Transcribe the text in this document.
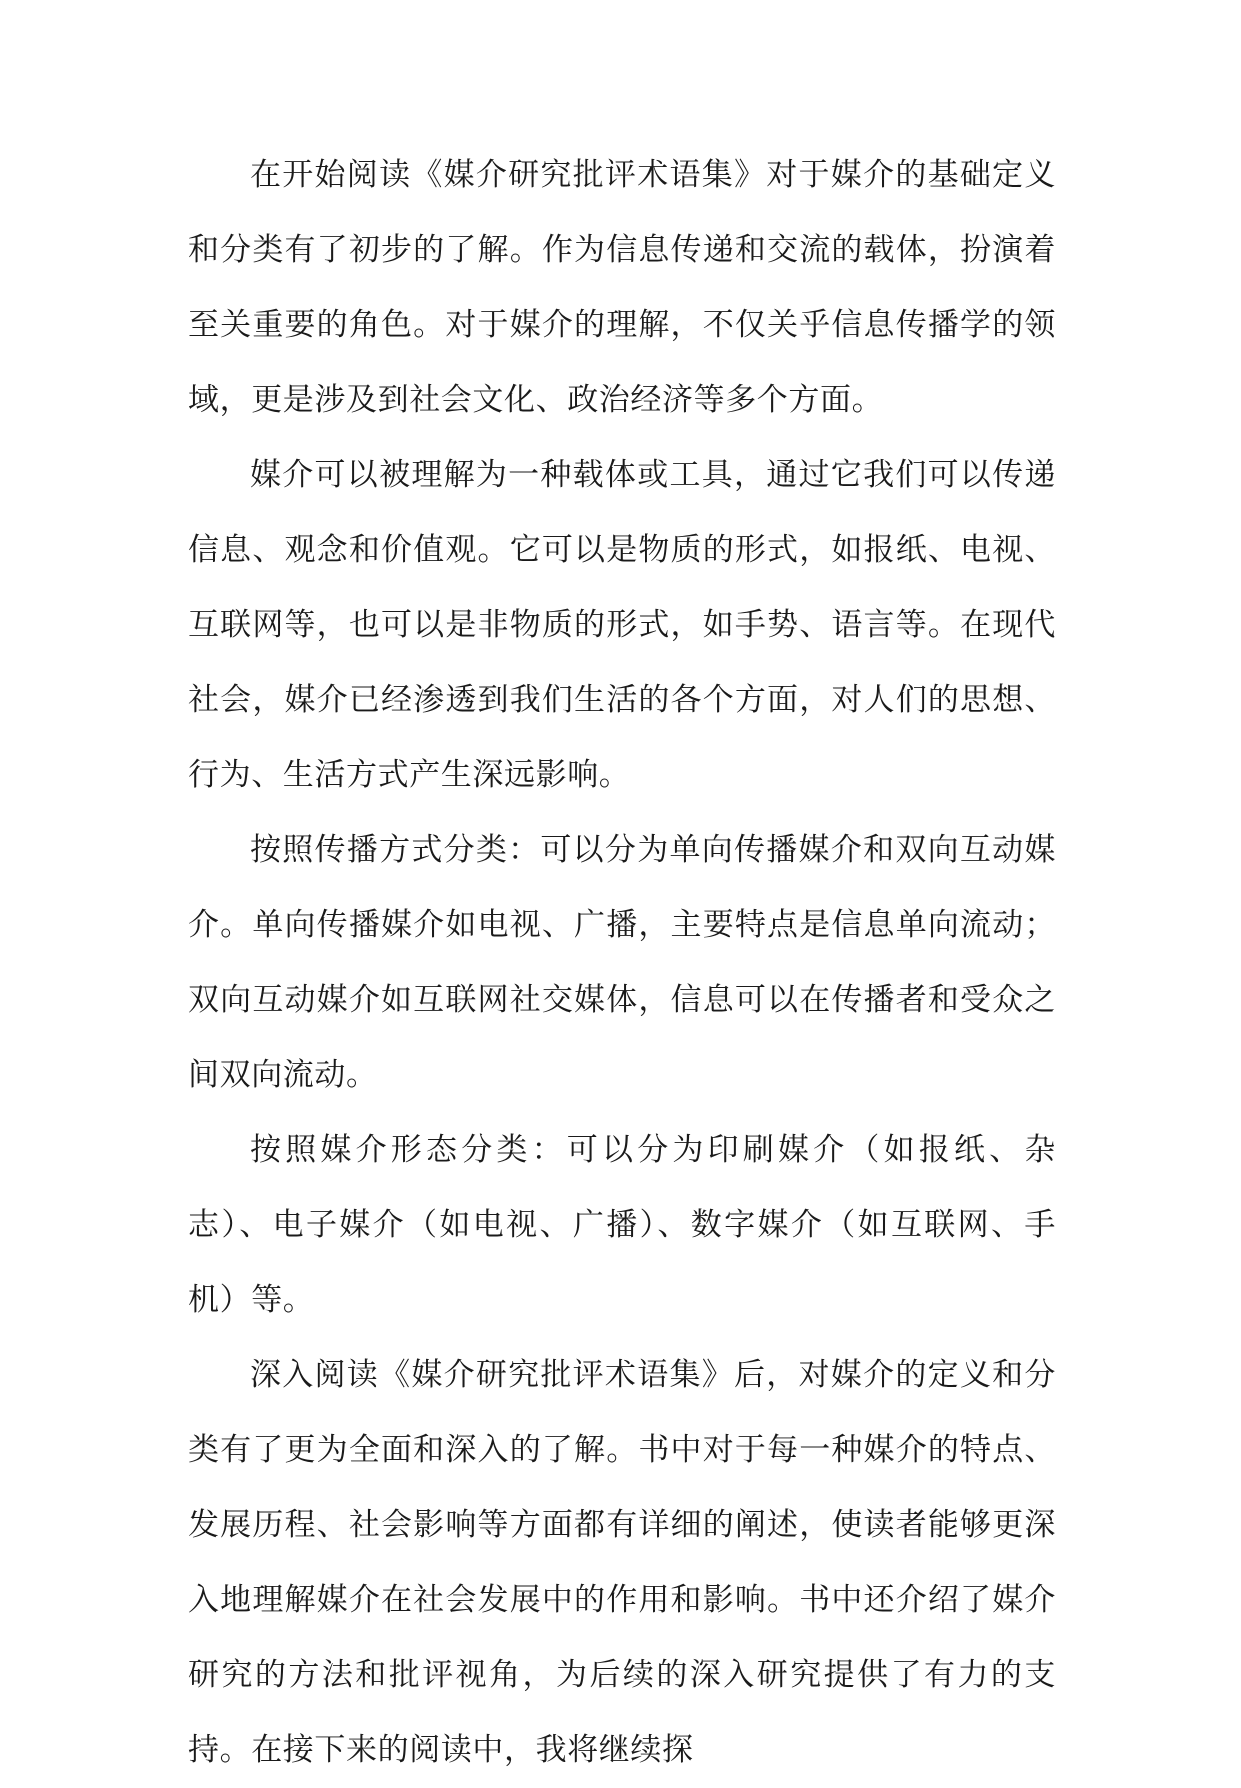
在开始阅读《媒介研究批评术语集》对于媒介的基础定义和分类有了初步的了解。作为信息传递和交流的载体，扮演着至关重要的角色。对于媒介的理解，不仅关乎信息传播学的领域，更是涉及到社会文化、政治经济等多个方面。

媒介可以被理解为一种载体或工具，通过它我们可以传递信息、观念和价值观。它可以是物质的形式，如报纸、电视、互联网等，也可以是非物质的形式，如手势、语言等。在现代社会，媒介已经渗透到我们生活的各个方面，对人们的思想、行为、生活方式产生深远影响。

按照传播方式分类：可以分为单向传播媒介和双向互动媒介。单向传播媒介如电视、广播，主要特点是信息单向流动；双向互动媒介如互联网社交媒体，信息可以在传播者和受众之间双向流动。

按照媒介形态分类：可以分为印刷媒介（如报纸、杂志）、电子媒介（如电视、广播）、数字媒介（如互联网、手机）等。

深入阅读《媒介研究批评术语集》后，对媒介的定义和分类有了更为全面和深入的了解。书中对于每一种媒介的特点、发展历程、社会影响等方面都有详细的阐述，使读者能够更深入地理解媒介在社会发展中的作用和影响。书中还介绍了媒介研究的方法和批评视角，为后续的深入研究提供了有力的支持。在接下来的阅读中，我将继续探
